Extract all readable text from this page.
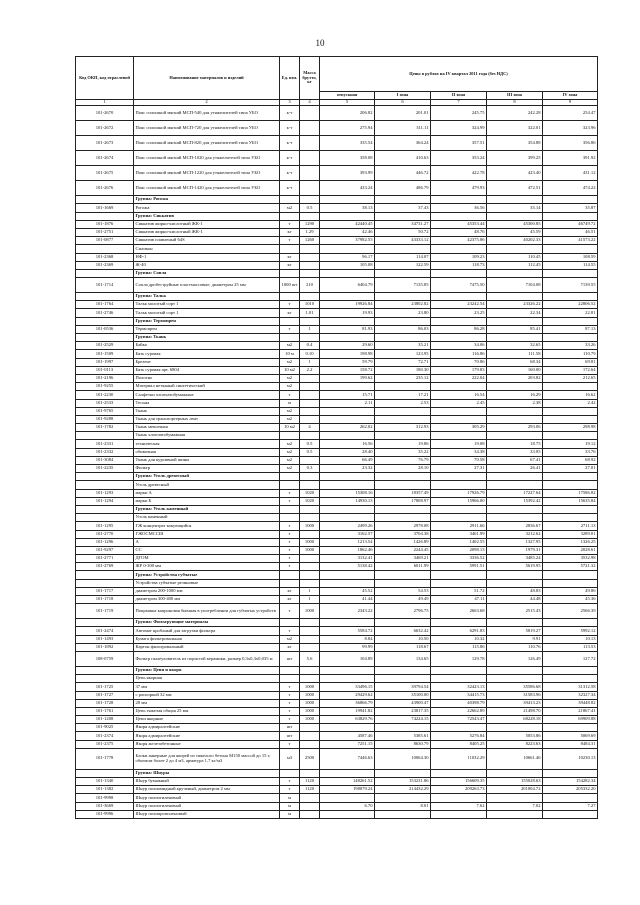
10
Код ОКП, код отраслевой	Наименование материалов и изделий	Ед. изм.	Масса брутто, кг	Цены в рублях на IV квартал 2011 года (без НДС)				
				отпускная	I зона	II зона	III зона	IV зона
1	2	3	4	5	6	7	8	9
101-2670	Пояс сплошной мягкий МСП-540 для утяжелителей типа УБО	к-т		206.82	201.01	245.75	242.28	254.47
101-2672	Пояс сплошной мягкий МСП-720 для утяжелителей типа УБО	к-т		275.94	311.11	324.99	322.01	323.96
101-2673	Пояс сплошной мягкий МСП-820 для утяжелителей типа УБО	к-т		335.54	364.24	357.51	354.88	356.86
101-2674	Пояс сплошной мягкий МСП-1020 для утяжелителей типа УБО	к-т		358.08	410.63	353.24	399.25	391.92
101-2675	Пояс сплошной мягкий МСП-1220 для утяжелителей типа УБО	к-т		393.99	446.72	422.78	423.40	431.12
101-2676	Пояс сплошной мягкий МСП-1420 для утяжелителей типа УБО	к-т		433.24	486.79	479.93	472.51	474.22
	Группа: Рогожа							
101-1669	Рогожа	м2	0.5	38.13	37.43	36.56	35.14	35.87
	Группа: Сиккатив							
101-1876	Сиккатив жирно-кислотный ЖК-1	т	1290	42440.45	34731.27	45353.44	45300.85	46749.72
101-2751	Сиккатив жирно-кислотный ЖК-1	кг	1.29	42.46	50.72	48.76	45.59	46.51
101-0877	Сиккатив плавленый 64S	т	1260	37982.55	43333.12	42375.06	40202.33	41573.22
	Силикон							
101-2368	НФ-1	кг		96.17	114.07	109.23	110.45	108.59
101-2369	Ж-40	кг		105.08	122.59	118.73	112.45	114.55
	Группа: Сопла							
101-1714	Сопла дробеструйные пластмассовые, диаметром 25 мм	1000 шт	210	6404.79	7135.85	7475.50	7104.08	7139.55
	Группа: Тальк							
101-1764	Тальк молотый сорт 1	т	1010	19926.84	23802.82	23242.54	23326.22	22806.52
101-2746	Тальк молотый сорт 1	кг	1.01	19.93	23.80	23.25	22.34	22.81
	Группа: Термопрен							
101-0536	Термопрен	т	1	81.93	86.03	86.28	85.41	87.13
	Группа: Ткань							
101-2529	Байка	м2	0.4	29.60	35.21	34.06	32.65	33.26
101-1509	Бязь суровая	10 м	0.10	198.98	123.95	116.86	111.58	110.79
101-1997	Брезент	м2	1	59.79	72.71	70.86	68.34	69.81
101-0113	Бязь суровая арт. 6804	10 м2	2.2	158.72	180.30	179.83	160.00	172.64
101-2196	Полотно	м2		199.62	235.12	222.04	203.82	212.65
101-9255	Материал нетканый синтетический	м2						
101-2230	Салфетки хлопчатобумажные	т		15.71	17.21	16.54	16.29	16.62
101-2533	Тесьма	м		2.11	2.53	2.45	2.38	2.42
101-9765	Ткань	м2						
101-9288	Ткань для транспортерных лент	м2						
101-1782	Ткань мешочная	10 м2	4	262.02	312.93	305.29	293.06	298.98
	Ткань хлопчатобумажная							
101-2331	техническая	м2	0.5	16.56	19.86	19.08	18.75	19.12
101-2332	обивочная	м2	0.5	28.40	35.22	34.38	33.05	33.76
101-3084	Ткань для курсивной шины	м2		66.49	76.79	70.58	67.41	68.92
101-2235	Фильтр	м2	0.3	23.32	28.10	27.31	26.41	27.01
	Группа: Уголь древесный							
	Уголь древесный							
101-1293	марки А	т	1020	15308.16	18357.49	17926.79	17227.64	17586.82
101-1294	марки Б	т	1020	14930.13	17808.97	15966.00	15392.42	15635.84
	Группа: Уголь каменный							
	Уголь каменный							
101-1295	ГЖ концентрат кокующийся	т	1000	2499.26	2978.08	2911.66	2836.67	2711.13
101-2770	ГЖОСМССШ	т		3162.57	3704.38	3461.99	3212.62	3289.01
101-1296	А	т	1000	1213.54	1426.89	1402.55	1327.95	1326.25
101-9297	СС	т	1000	1862.46	2244.45	2098.13	1979.31	2028.61
101-2771	ДГОМ	т		3132.41	3469.21	3336.52	3485.24	3532.98
101-2769	ЖР 0-300 мм	т		5138.42	6011.99	5991.51	5619.95	5721.32
	Группа: Устройства губчатые							
	Устройства губчатые резиновые							
101-1717	диаметром 200-1000 мм	кг	1	45.52	54.53	51.72	48.83	49.86
101-1718	диаметром 300-400 мм	кг	1	41.44	49.49	47.11	44.48	45.36
101-1719	Покрышка капроновая бывшая в употреблении для губчатых устройств	т	1000	2343.22	2796.75	2663.68	2515.43	2566.39
	Группа: Фильтрующие материалы							
101-2474	Автомат кроблный для загрузки фильтра	т		5584.72	6632.42	6291.83	5819.27	5992.12
101-1493	Бумага фильтровальная	м2		8.84	10.50	10.32	9.91	10.13
101-1892	Картон фильтровальный	кг		99.99	118.67	115.86	110.76	113.53
108-0759	Фильтр пылеуловитель из пористой керамики, размер 0,3х0,3х0,035 м	шт	5.6	104.89	134.65	129.78	126.49	127.72
	Группа: Цепи и якоря							
	Цепь якорная							
101-1725	37 мм	т	1000	33496.15	39794.54	32423.13	35586.68	31312.58
101-1727	с распоркой 32 мм	т	1000	29429.62	35100.00	34415.73	31583.96	32327.34
101-1728	28 мм	т	1000	36866.79	43900.47	40398.79	39413.23	39448.82
101-1761	Цепь тяжелая общая 25 мм	т	1000	19941.82	23817.35	22662.89	21498.70	21867.41
101-1208	Цепи якорные	т	1000	63829.76	74224.15	72543.47	68228.18	69909.88
101-9025	Якоря адмиралтейские	шт						
101-2374	Якоря адмиралтейские	шт		4587.46	5385.61	5276.84	5053.86	5069.69
101-2375	Якоря железобетонные	т		7251.15	8630.79	8405.25	8223.63	8484.31
101-1778	Блоки анкерные для якорей из тяжелого бетона М150 массой до 15 т, объемом более 2 до 4 м3, арматура 1,7 кг/м3	м3	2500	7446.63	10064.30	11032.29	10661.46	10230.13
	Группа: Шнуры							
101-1340	Шнур бумажный	т	1120	148261.52	153231.86	156609.35	155028.63	154282.34
101-1382	Шнур полиамидный крученый, диаметром 2 мм	т	1120	198079.24	214432.29	209263.73	201004.72	205332.20
101-9998	Шнур полиэтиленовый	м						
101-3669	Шнур полиэтиленовый	м		6.70	8.01	7.62	7.02	7.27
101-9996	Шнур полипропиленовый	м						
